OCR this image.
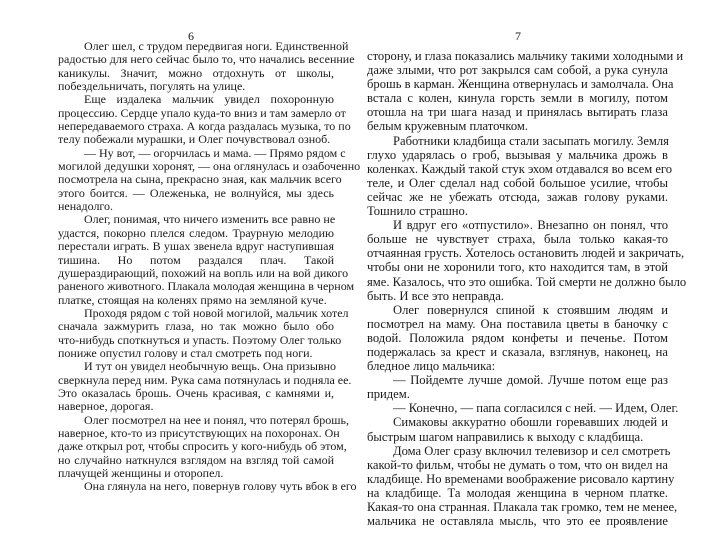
6
Олег шел, с трудом передвигая ноги. Единственной
радостью для него сейчас было то, что начались весенние
каникулы. Значит, можно отдохнуть от школы,
побездельничать, погулять на улице.
Еще издалека мальчик увидел похоронную
процессию. Сердце упало куда-то вниз и там замерло от
непередаваемого страха. А когда раздалась музыка, то по
телу побежали мурашки, и Олег почувствовал озноб.
— Ну вот, — огорчилась и мама. — Прямо рядом с
могилой дедушки хоронят, — она оглянулась и озабоченно
посмотрела на сына, прекрасно зная, как мальчик всего
этого боится. — Олеженька, не волнуйся, мы здесь
ненадолго.
Олег, понимая, что ничего изменить все равно не
удастся, покорно плелся следом. Траурную мелодию
перестали играть. В ушах звенела вдруг наступившая
тишина. Но потом раздался плач. Такой
душераздирающий, похожий на вопль или на вой дикого
раненого животного. Плакала молодая женщина в черном
платке, стоящая на коленях прямо на земляной куче.
Проходя рядом с той новой могилой, мальчик хотел
сначала зажмурить глаза, но так можно было обо
что-нибудь споткнуться и упасть. Поэтому Олег только
пониже опустил голову и стал смотреть под ноги.
И тут он увидел необычную вещь. Она призывно
сверкнула перед ним. Рука сама потянулась и подняла ее.
Это оказалась брошь. Очень красивая, с камнями и,
наверное, дорогая.
Олег посмотрел на нее и понял, что потерял брошь,
наверное, кто-то из присутствующих на похоронах. Он
даже открыл рот, чтобы спросить у кого-нибудь об этом,
но случайно наткнулся взглядом на взгляд той самой
плачущей женщины и оторопел.
Она глянула на него, повернув голову чуть вбок в его
7
сторону, и глаза показались мальчику такими холодными и
даже злыми, что рот закрылся сам собой, а рука сунула
брошь в карман. Женщина отвернулась и замолчала. Она
встала с колен, кинула горсть земли в могилу, потом
отошла на три шага назад и принялась вытирать глаза
белым кружевным платочком.
Работники кладбища стали засыпать могилу. Земля
глухо ударялась о гроб, вызывая у мальчика дрожь в
коленках. Каждый такой стук эхом отдавался во всем его
теле, и Олег сделал над собой большое усилие, чтобы
сейчас же не убежать отсюда, зажав голову руками.
Тошнило страшно.
И вдруг его «отпустило». Внезапно он понял, что
больше не чувствует страха, была только какая-то
отчаянная грусть. Хотелось остановить людей и закричать,
чтобы они не хоронили того, кто находится там, в этой
яме. Казалось, что это ошибка. Той смерти не должно было
быть. И все это неправда.
Олег повернулся спиной к стоявшим людям и
посмотрел на маму. Она поставила цветы в баночку с
водой. Положила рядом конфеты и печенье. Потом
подержалась за крест и сказала, взглянув, наконец, на
бледное лицо мальчика:
— Пойдемте лучше домой. Лучше потом еще раз
придем.
— Конечно, — папа согласился с ней. — Идем, Олег.
Симаковы аккуратно обошли горевавших людей и
быстрым шагом направились к выходу с кладбища.
Дома Олег сразу включил телевизор и сел смотреть
какой-то фильм, чтобы не думать о том, что он видел на
кладбище. Но временами воображение рисовало картину
на кладбище. Та молодая женщина в черном платке.
Какая-то она странная. Плакала так громко, тем не менее,
мальчика не оставляла мысль, что это ее проявление
